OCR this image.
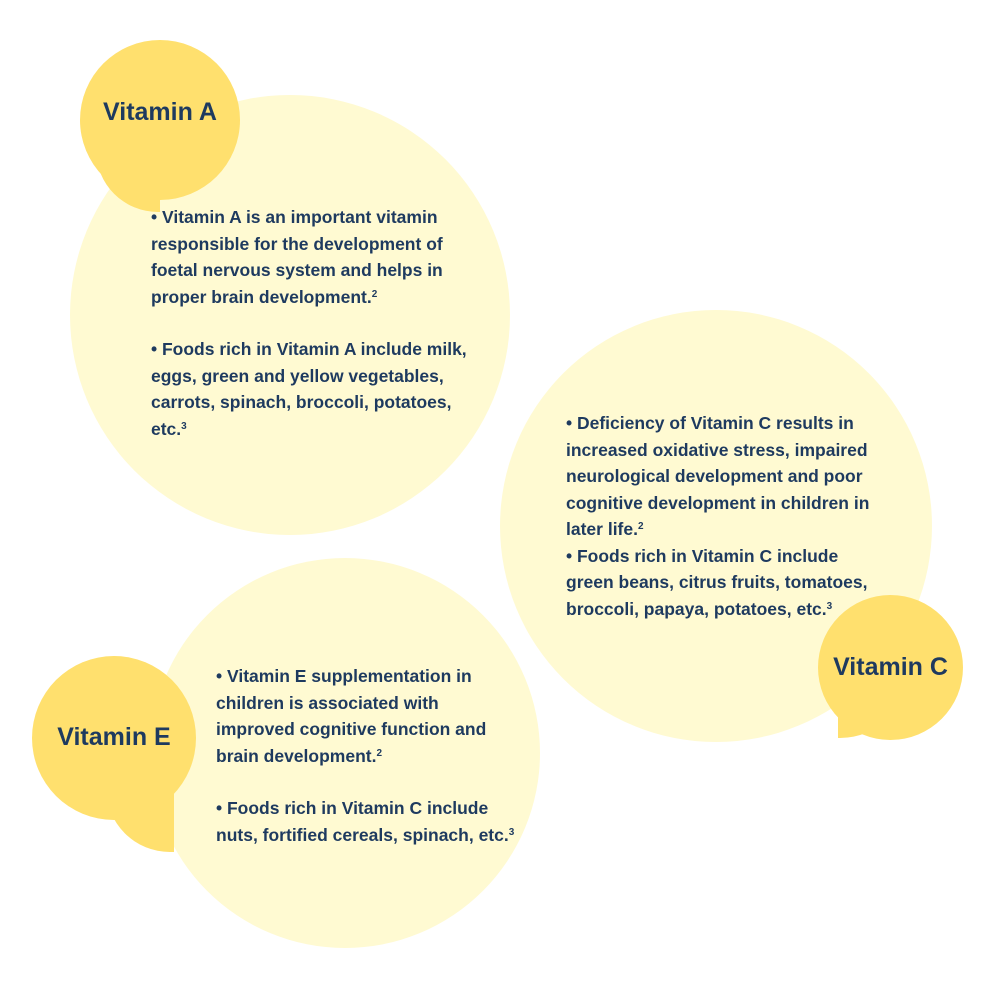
Vitamin A

• Vitamin A is an important vitamin responsible for the development of foetal nervous system and helps in proper brain development.$^2$

• Foods rich in Vitamin A include milk, eggs, green and yellow vegetables, carrots, spinach, broccoli, potatoes, etc.$^3$

Vitamin C

• Deficiency of Vitamin C results in increased oxidative stress, impaired neurological development and poor cognitive development in children in later life.$^2$

• Foods rich in Vitamin C include green beans, citrus fruits, tomatoes, broccoli, papaya, potatoes, etc.$^3$

Vitamin E

• Vitamin E supplementation in children is associated with improved cognitive function and brain development.$^2$

• Foods rich in Vitamin C include nuts, fortified cereals, spinach, etc.$^3$
